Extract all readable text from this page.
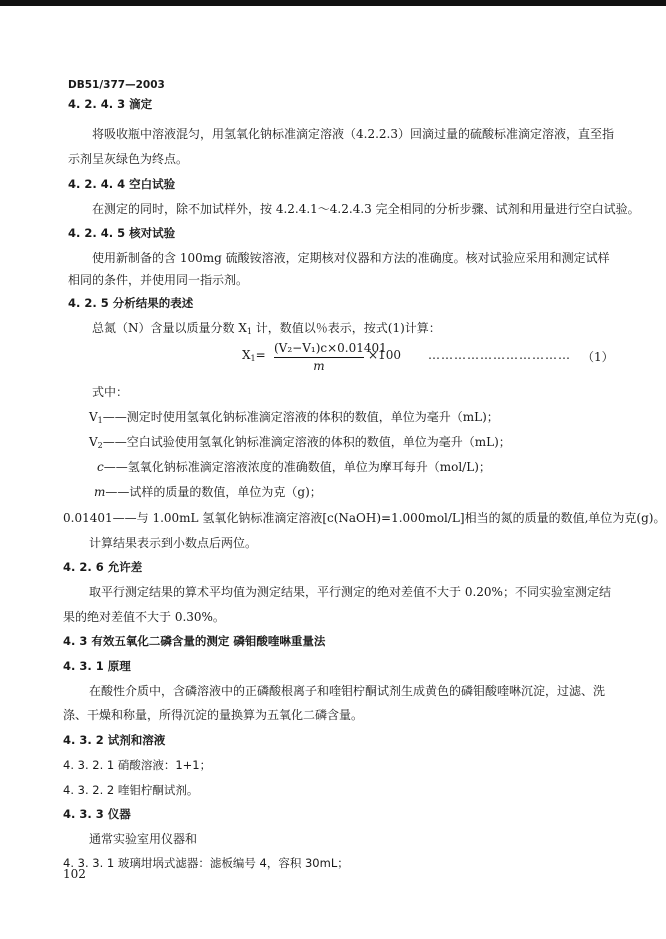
DB51/377—2003
4. 2. 4. 3 滴定
将吸收瓶中溶液混匀，用氢氧化钠标准滴定溶液（4.2.2.3）回滴过量的硫酸标准滴定溶液，直至指
示剂呈灰绿色为终点。
4. 2. 4. 4 空白试验
在测定的同时，除不加试样外，按 4.2.4.1～4.2.4.3 完全相同的分析步骤、试剂和用量进行空白试验。
4. 2. 4. 5 核对试验
使用新制备的含 100mg 硫酸铵溶液，定期核对仪器和方法的准确度。核对试验应采用和测定试样
相同的条件，并使用同一指示剂。
4. 2. 5 分析结果的表述
总氮（N）含量以质量分数 $X_1$ 计，数值以％表示，按式(1)计算：
$X_1= \frac{\text{(V₂−V₁)c×0.01401}}{m} \times 100$ …………………………… （1）
式中：
$V_1——$测定时使用氢氧化钠标准滴定溶液的体积的数值，单位为毫升（mL)；
$V_2——$空白试验使用氢氧化钠标准滴定溶液的体积的数值，单位为毫升（mL)；
c——氢氧化钠标准滴定溶液浓度的准确数值，单位为摩耳每升（mol/L)；
m——试样的质量的数值，单位为克（g)；
0.01401——与 1.00mL 氢氧化钠标准滴定溶液[c(NaOH)=1.000mol/L]相当的氮的质量的数值,单位为克(g)。
计算结果表示到小数点后两位。
4. 2. 6 允许差
取平行测定结果的算术平均值为测定结果，平行测定的绝对差值不大于 0.20%；不同实验室测定结
果的绝对差值不大于 0.30%。
4. 3 有效五氧化二磷含量的测定 磷钼酸喹啉重量法
4. 3. 1 原理
在酸性介质中，含磷溶液中的正磷酸根离子和喹钼柠酮试剂生成黄色的磷钼酸喹啉沉淀，过滤、洗
涤、干燥和称量，所得沉淀的量换算为五氧化二磷含量。
4. 3. 2 试剂和溶液
4. 3. 2. 1 硝酸溶液：1+1；
4. 3. 2. 2 喹钼柠酮试剂。
4. 3. 3 仪器
通常实验室用仪器和
4. 3. 3. 1 玻璃坩埚式滤器：滤板编号 4，容积 30mL；
102
